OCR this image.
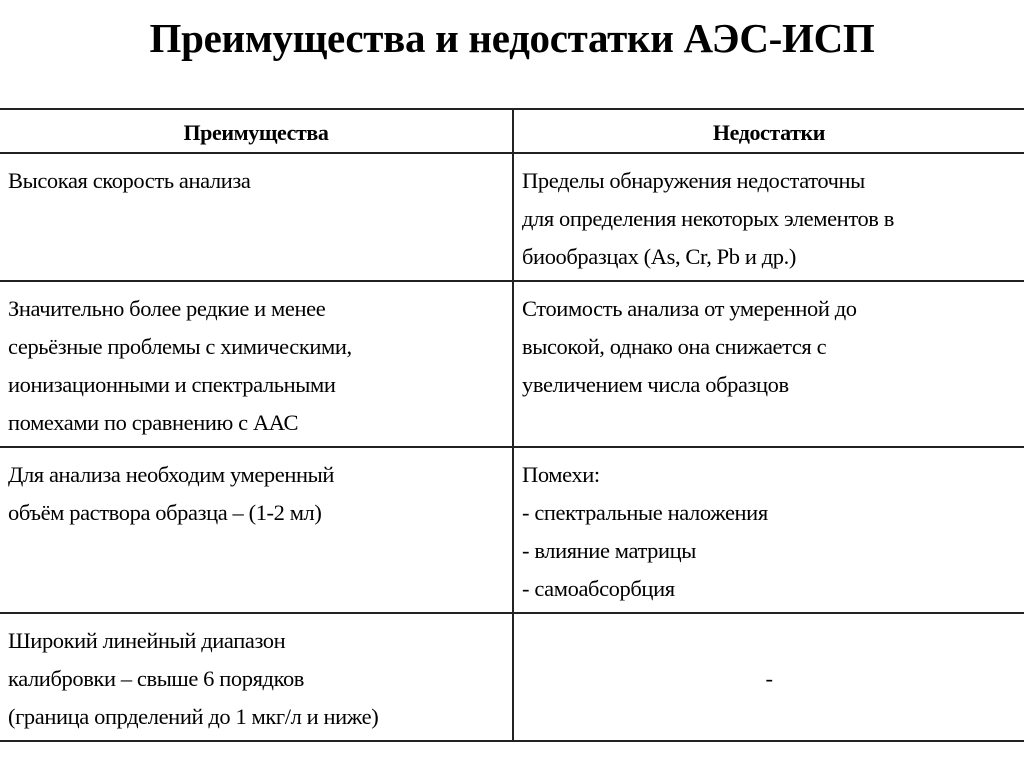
Преимущества и недостатки АЭС-ИСП
Преимущества	Недостатки

Высокая скорость анализа	Пределы обнаружения недостаточны
для определения некоторых элементов в
биообразцах (As, Cr, Pb и др.)

Значительно более редкие и менее
серьёзные проблемы с химическими,
ионизационными и спектральными
помехами по сравнению с ААС	Стоимость анализа от умеренной до
высокой, однако она снижается с
увеличением числа образцов

Для анализа необходим умеренный
объём раствора образца – (1-2 мл)	Помехи:
- спектральные наложения
- влияние матрицы
- самоабсорбция

Широкий линейный диапазон
калибровки – свыше 6 порядков
(граница опрделений до 1 мкг/л и ниже)	-
